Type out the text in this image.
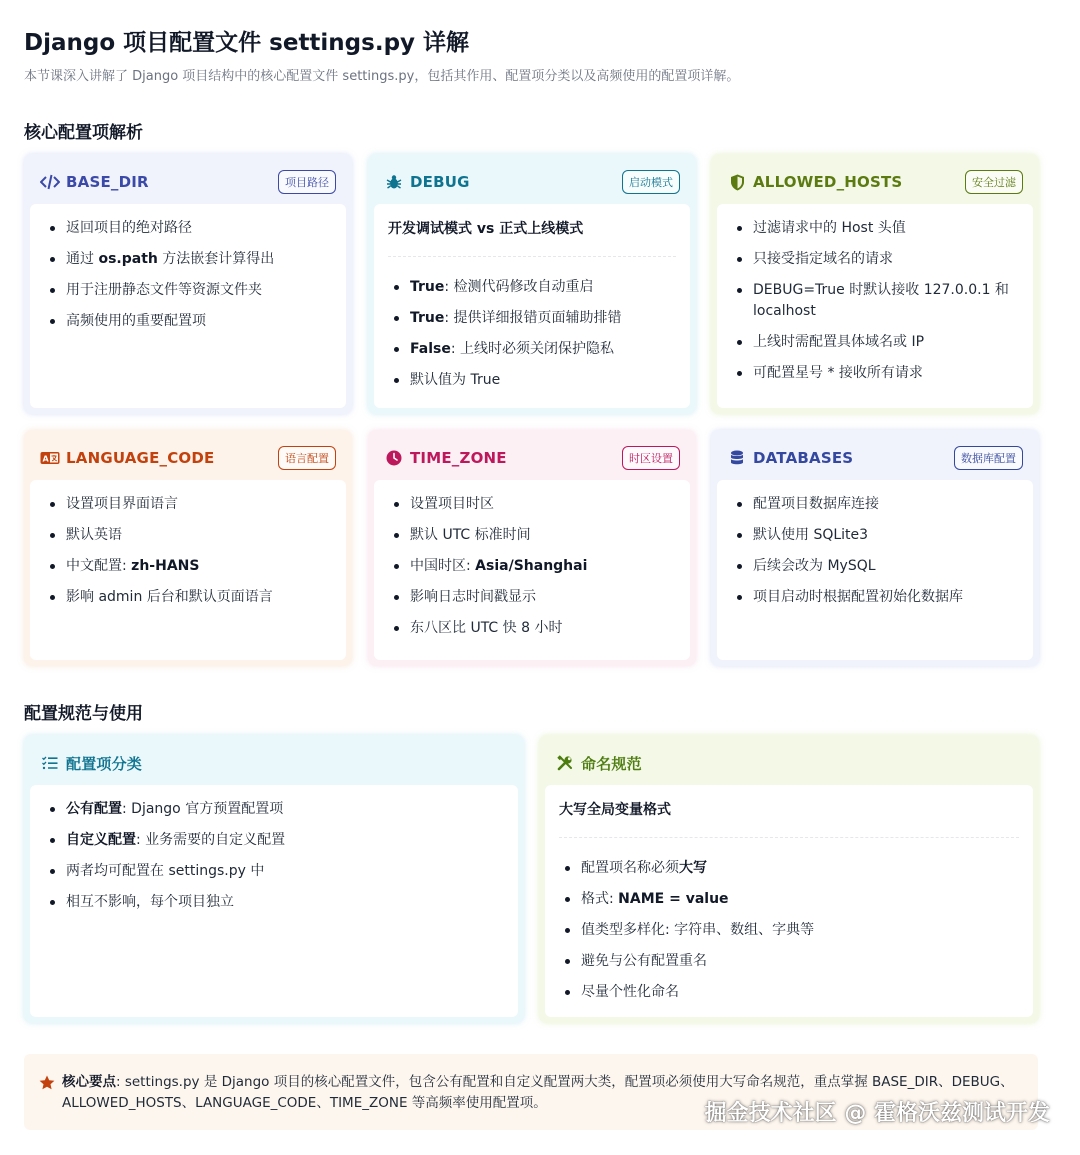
Django 项目配置文件 settings.py 详解
本节课深入讲解了 Django 项目结构中的核心配置文件 settings.py，包括其作用、配置项分类以及高频使用的配置项详解。
核心配置项解析
BASE_DIR	项目路径
返回项目的绝对路径
通过 os.path 方法嵌套计算得出
用于注册静态文件等资源文件夹
高频使用的重要配置项
DEBUG	启动模式
开发调试模式 vs 正式上线模式
True: 检测代码修改自动重启
True: 提供详细报错页面辅助排错
False: 上线时必须关闭保护隐私
默认值为 True
ALLOWED_HOSTS	安全过滤
过滤请求中的 Host 头值
只接受指定域名的请求
DEBUG=True 时默认接收 127.0.0.1 和 localhost
上线时需配置具体域名或 IP
可配置星号 * 接收所有请求
A LANGUAGE_CODE	语言配置
设置项目界面语言
默认英语
中文配置: zh-HANS
影响 admin 后台和默认页面语言
TIME_ZONE	时区设置
设置项目时区
默认 UTC 标准时间
中国时区: Asia/Shanghai
影响日志时间戳显示
东八区比 UTC 快 8 小时
DATABASES	数据库配置
配置项目数据库连接
默认使用 SQLite3
后续会改为 MySQL
项目启动时根据配置初始化数据库
配置规范与使用
配置项分类
公有配置: Django 官方预置配置项
自定义配置: 业务需要的自定义配置
两者均可配置在 settings.py 中
相互不影响，每个项目独立
命名规范
大写全局变量格式
配置项名称必须大写
格式: NAME = value
值类型多样化: 字符串、数组、字典等
避免与公有配置重名
尽量个性化命名
核心要点: settings.py 是 Django 项目的核心配置文件，包含公有配置和自定义配置两大类，配置项必须使用大写命名规范，重点掌握 BASE_DIR、DEBUG、ALLOWED_HOSTS、LANGUAGE_CODE、TIME_ZONE 等高频率使用配置项。	掘金技术社区 @ 霍格沃兹测试开发
